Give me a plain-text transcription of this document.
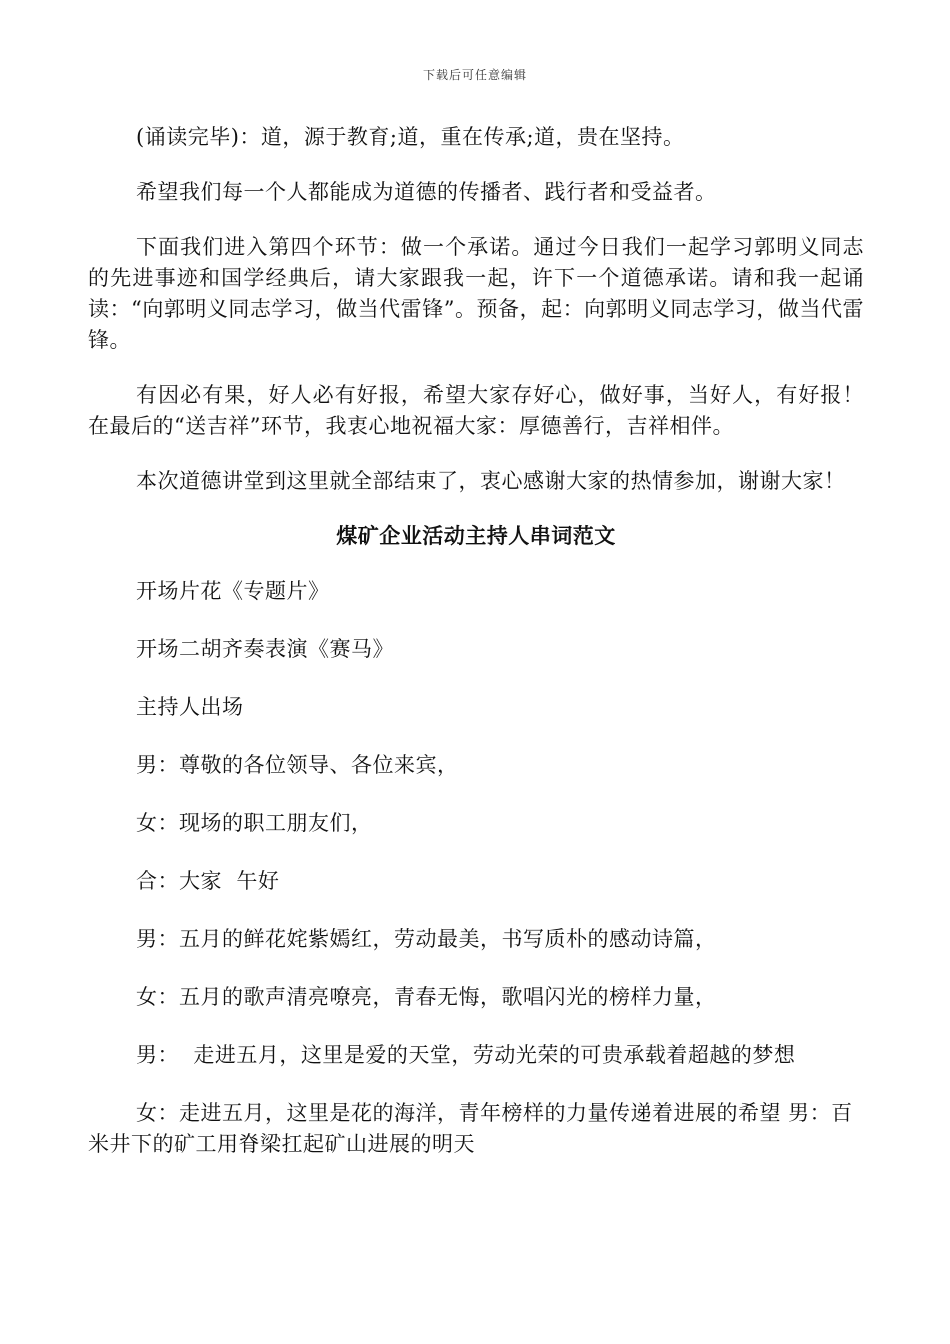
下载后可任意编辑

(诵读完毕)：道，源于教育;道，重在传承;道，贵在坚持。

希望我们每一个人都能成为道德的传播者、践行者和受益者。

下面我们进入第四个环节：做一个承诺。通过今日我们一起学习郭明义同志的先进事迹和国学经典后，请大家跟我一起，许下一个道德承诺。请和我一起诵读：“向郭明义同志学习，做当代雷锋”。预备，起：向郭明义同志学习，做当代雷锋。

有因必有果，好人必有好报，希望大家存好心，做好事，当好人，有好报！在最后的“送吉祥”环节，我衷心地祝福大家：厚德善行，吉祥相伴。

本次道德讲堂到这里就全部结束了，衷心感谢大家的热情参加，谢谢大家！

煤矿企业活动主持人串词范文

开场片花《专题片》

开场二胡齐奏表演《赛马》

主持人出场

男：尊敬的各位领导、各位来宾，

女：现场的职工朋友们，

合：大家  午好

男：五月的鲜花姹紫嫣红，劳动最美，书写质朴的感动诗篇，

女：五月的歌声清亮嘹亮，青春无悔，歌唱闪光的榜样力量，

男：  走进五月，这里是爱的天堂，劳动光荣的可贵承载着超越的梦想

女：走进五月，这里是花的海洋，青年榜样的力量传递着进展的希望 男：百米井下的矿工用脊梁扛起矿山进展的明天
